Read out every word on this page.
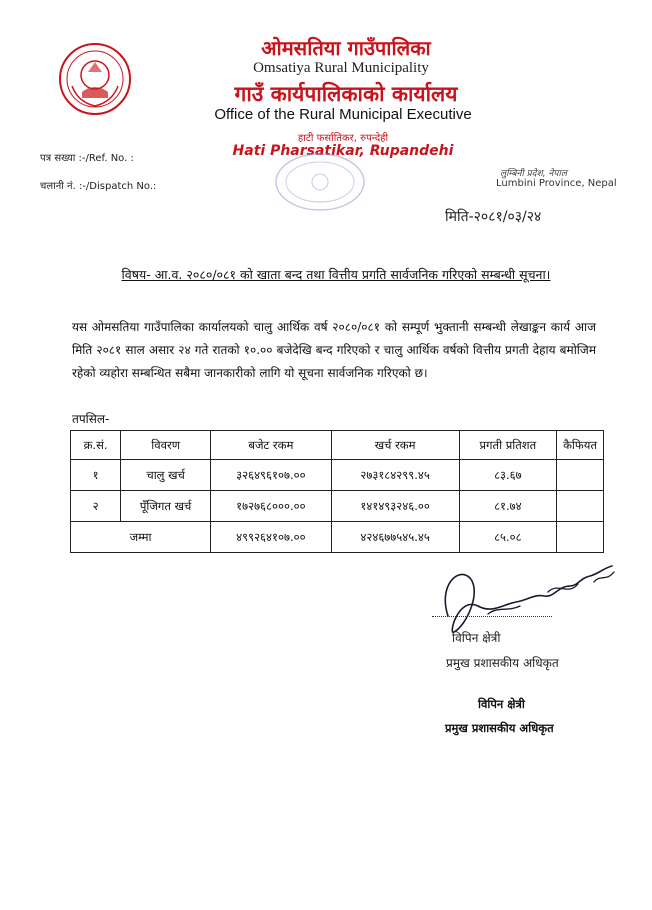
ओमसतिया गाउँपालिका
Omsatiya Rural Municipality
गाउँ कार्यपालिकाको कार्यालय
Office of the Rural Municipal Executive
हाटी फर्सातिकर, रुपन्देही
Hati Pharsatikar, Rupandehi
पत्र सख्या :-/Ref. No. :
चलानी नं. :-/Dispatch No.:
लुम्बिनी प्रदेश, नेपाल
Lumbini Province, Nepal
मिति-२०८१/०३/२४
विषय- आ.व. २०८०/०८१ को खाता बन्द तथा वित्तीय प्रगति सार्वजनिक गरिएको सम्बन्धी सूचना।
यस ओमसतिया गाउँपालिका कार्यालयको चालु आर्थिक वर्ष २०८०/०८१ को सम्पूर्ण भुक्तानी सम्बन्धी लेखाङ्कन कार्य आज मिति २०८१ साल असार २४ गते रातको १०.०० बजेदेखि बन्द गरिएको र चालु आर्थिक वर्षको वित्तीय प्रगती देहाय बमोजिम रहेको व्यहोरा सम्बन्धित सबैमा जानकारीको लागि यो सूचना सार्वजनिक गरिएको छ।
तपसिल-
क्र.सं.	विवरण	बजेट रकम	खर्च रकम	प्रगती प्रतिशत	कैफियत
१	चालु खर्च	३२६४९६१०७.००	२७३१८४२९९.४५	८३.६७	
२	पूँजिगत खर्च	१७२७६८०००.००	१४१४९३२४६.००	८१.७४	
जम्मा		४९९२६४१०७.००	४२४६७७५४५.४५	८५.०८	
विपिन क्षेत्री
प्रमुख प्रशासकीय अधिकृत
विपिन क्षेत्री
प्रमुख प्रशासकीय अधिकृत
